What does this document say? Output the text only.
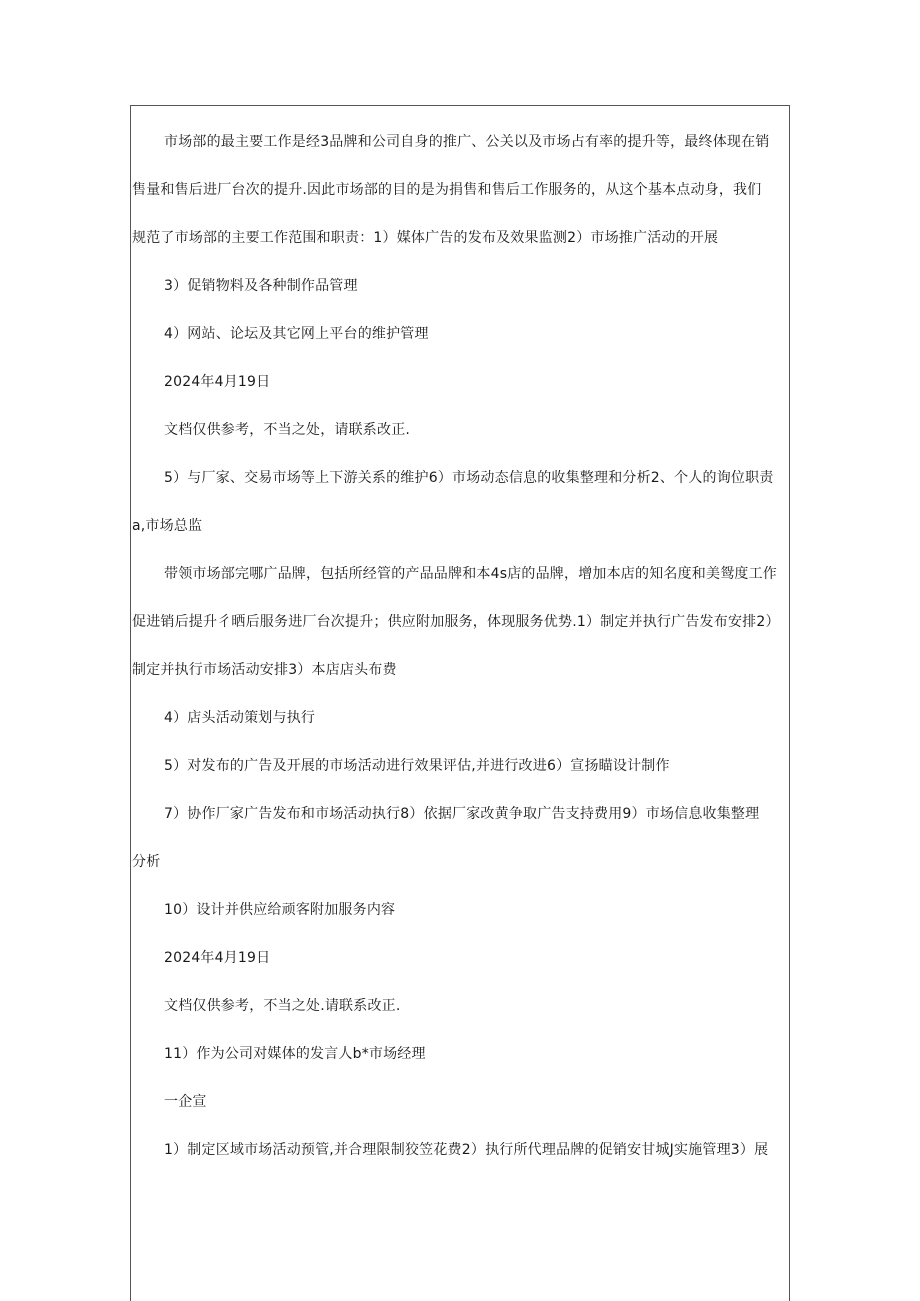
市场部的最主要工作是经3品牌和公司自身的推广、公关以及市场占有率的提升等，最终体现在销
售量和售后进厂台次的提升.因此市场部的目的是为捐售和售后工作服务的，从这个基本点动身，我们
规范了市场部的主要工作范围和职责：1）媒体广告的发布及效果监测2）市场推广活动的开展
3）促销物料及各种制作品管理
4）网站、论坛及其它网上平台的维护管理
2024年4月19日
文档仅供参考，不当之处，请联系改正.
5）与厂家、交易市场等上下游关系的维护6）市场动态信息的收集整理和分析2、个人的询位职责
a,市场总监
带领市场部完哪广品牌，包括所经管的产品品牌和本4s店的品牌，增加本店的知名度和美鸳度工作
促进销后提升彳晒后服务进厂台次提升；供应附加服务，体现服务优势.1）制定并执行广告发布安排2）
制定并执行市场活动安排3）本店店头布费
4）店头活动策划与执行
5）对发布的广告及开展的市场活动进行效果评估,并进行改进6）宣扬瞄设计制作
7）协作厂家广告发布和市场活动执行8）依据厂家改黄争取广告支持费用9）市场信息收集整理
分析
10）设计并供应给顽客附加服务内容
2024年4月19日
文档仅供参考，不当之处.请联系改正.
11）作为公司对媒体的发言人b*市场经理
一企宣
1）制定区域市场活动预管,并合理限制狡笠花费2）执行所代理品牌的促销安甘城J实施管理3）展
